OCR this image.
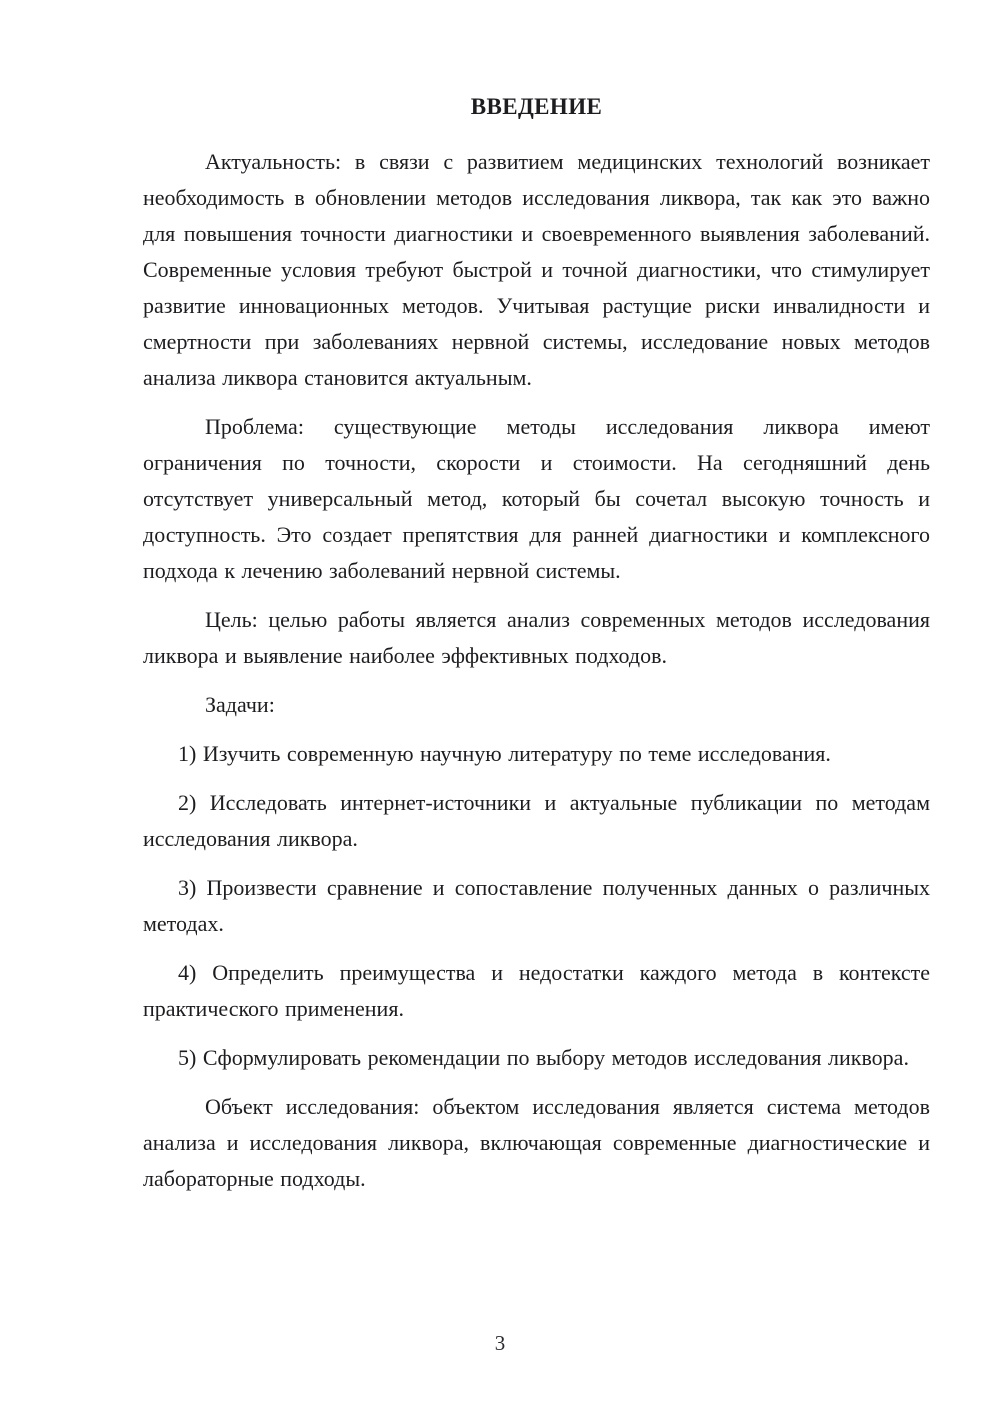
ВВЕДЕНИЕ

Актуальность: в связи с развитием медицинских технологий возникает необходимость в обновлении методов исследования ликвора, так как это важно для повышения точности диагностики и своевременного выявления заболеваний. Современные условия требуют быстрой и точной диагностики, что стимулирует развитие инновационных методов. Учитывая растущие риски инвалидности и смертности при заболеваниях нервной системы, исследование новых методов анализа ликвора становится актуальным.

Проблема: существующие методы исследования ликвора имеют ограничения по точности, скорости и стоимости. На сегодняшний день отсутствует универсальный метод, который бы сочетал высокую точность и доступность. Это создает препятствия для ранней диагностики и комплексного подхода к лечению заболеваний нервной системы.

Цель: целью работы является анализ современных методов исследования ликвора и выявление наиболее эффективных подходов.

Задачи:

1) Изучить современную научную литературу по теме исследования.

2) Исследовать интернет-источники и актуальные публикации по методам исследования ликвора.

3) Произвести сравнение и сопоставление полученных данных о различных методах.

4) Определить преимущества и недостатки каждого метода в контексте практического применения.

5) Сформулировать рекомендации по выбору методов исследования ликвора.

Объект исследования: объектом исследования является система методов анализа и исследования ликвора, включающая современные диагностические и лабораторные подходы.

3
